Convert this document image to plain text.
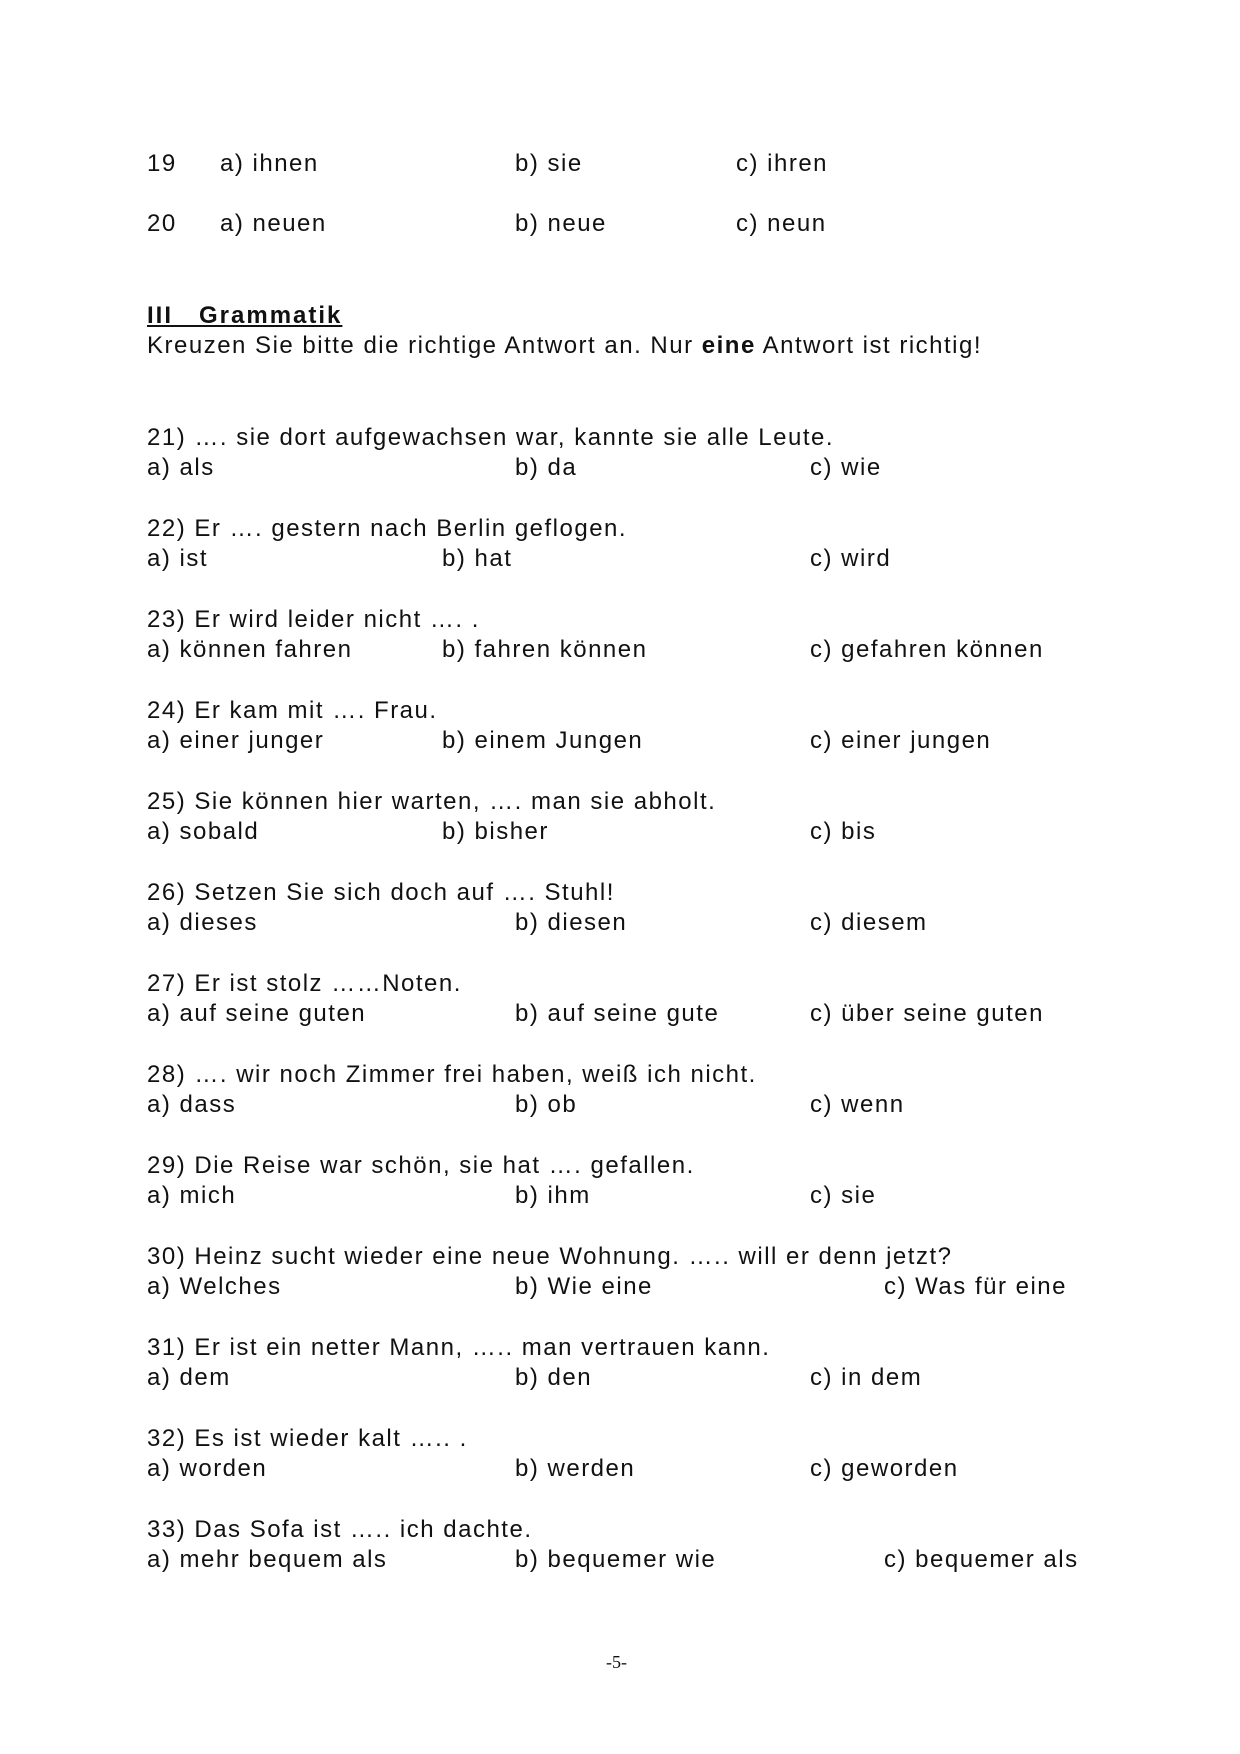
19 a) ihnen	b) sie	c) ihren
20 a) neuen	b) neue	c) neun
III   Grammatik
Kreuzen Sie bitte die richtige Antwort an. Nur eine Antwort ist richtig!
21) …. sie dort aufgewachsen war, kannte sie alle Leute.
a) als	b) da	c) wie
22) Er …. gestern nach Berlin geflogen.
a) ist	b) hat	c) wird
23) Er wird leider nicht …. .
a) können fahren	b) fahren können	c) gefahren können
24) Er kam mit …. Frau.
a) einer junger	b) einem Jungen	c) einer jungen
25) Sie können hier warten, …. man sie abholt.
a) sobald	b) bisher	c) bis
26) Setzen Sie sich doch auf …. Stuhl!
a) dieses	b) diesen	c) diesem
27) Er ist stolz ……Noten.
a) auf seine guten	b) auf seine gute	c) über seine guten
28) …. wir noch Zimmer frei haben, weiß ich nicht.
a) dass	b) ob	c) wenn
29) Die Reise war schön, sie hat …. gefallen.
a) mich	b) ihm	c) sie
30) Heinz sucht wieder eine neue Wohnung. ….. will er denn jetzt?
a) Welches	b) Wie eine	c) Was für eine
31) Er ist ein netter Mann, ….. man vertrauen kann.
a) dem	b) den	c) in dem
32) Es ist wieder kalt ….. .
a) worden	b) werden	c) geworden
33) Das Sofa ist ….. ich dachte.
a) mehr bequem als	b) bequemer wie	c) bequemer als
-5-
